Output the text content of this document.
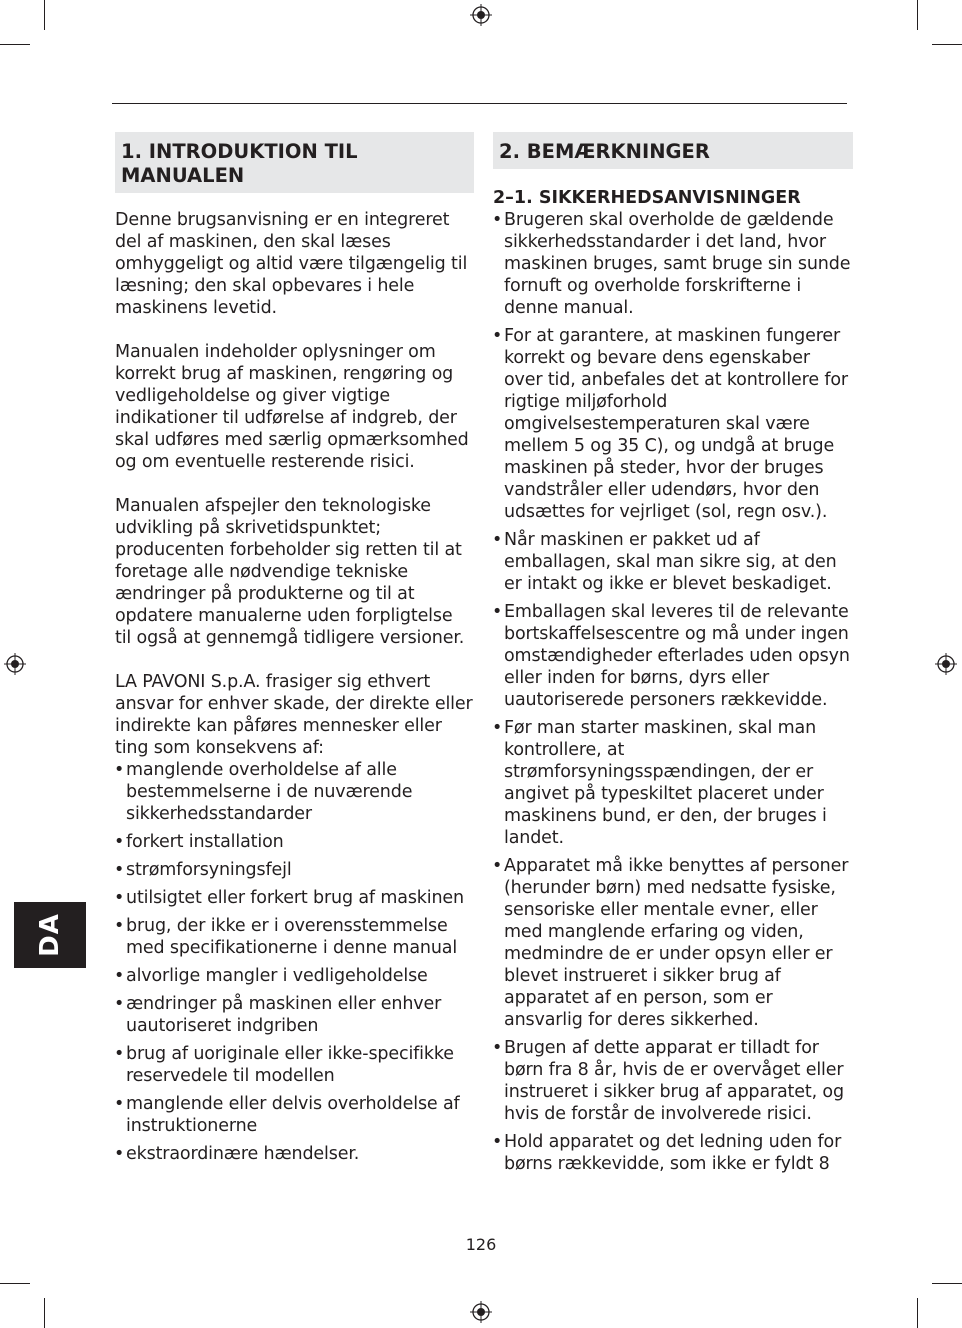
1. INTRODUKTION TIL MANUALEN

Denne brugsanvisning er en integreret del af maskinen, den skal læses omhyggeligt og altid være tilgængelig til læsning; den skal opbevares i hele maskinens levetid.

Manualen indeholder oplysninger om korrekt brug af maskinen, rengøring og vedligeholdelse og giver vigtige indikationer til udførelse af indgreb, der skal udføres med særlig opmærksomhed og om eventuelle resterende risici.

Manualen afspejler den teknologiske udvikling på skrivetidspunktet; producenten forbeholder sig retten til at foretage alle nødvendige tekniske ændringer på produkterne og til at opdatere manualerne uden forpligtelse til også at gennemgå tidligere versioner.

LA PAVONI S.p.A. frasiger sig ethvert ansvar for enhver skade, der direkte eller indirekte kan påføres mennesker eller ting som konsekvens af:

• manglende overholdelse af alle bestemmelserne i de nuværende sikkerhedsstandarder
• forkert installation
• strømforsyningsfejl
• utilsigtet eller forkert brug af maskinen
• brug, der ikke er i overensstemmelse med specifikationerne i denne manual
• alvorlige mangler i vedligeholdelse
• ændringer på maskinen eller enhver uautoriseret indgriben
• brug af uoriginale eller ikke-specifikke reservedele til modellen
• manglende eller delvis overholdelse af instruktionerne
• ekstraordinære hændelser.
2. BEMÆRKNINGER
2–1. SIKKERHEDSANVISNINGER
• Brugeren skal overholde de gældende sikkerhedsstandarder i det land, hvor maskinen bruges, samt bruge sin sunde fornuft og overholde forskrifterne i denne manual.
• For at garantere, at maskinen fungerer korrekt og bevare dens egenskaber over tid, anbefales det at kontrollere for rigtige miljøforhold omgivelsestemperaturen skal være mellem 5 og 35 C), og undgå at bruge maskinen på steder, hvor der bruges vandstråler eller udendørs, hvor den udsættes for vejrliget (sol, regn osv.).
• Når maskinen er pakket ud af emballagen, skal man sikre sig, at den er intakt og ikke er blevet beskadiget.
• Emballagen skal leveres til de relevante bortskaffelsescentre og må under ingen omstændigheder efterlades uden opsyn eller inden for børns, dyrs eller uautoriserede personers rækkevidde.
• Før man starter maskinen, skal man kontrollere, at strømforsyningsspændingen, der er angivet på typeskiltet placeret under maskinens bund, er den, der bruges i landet.
• Apparatet må ikke benyttes af personer (herunder børn) med nedsatte fysiske, sensoriske eller mentale evner, eller med manglende erfaring og viden, medmindre de er under opsyn eller er blevet instrueret i sikker brug af apparatet af en person, som er ansvarlig for deres sikkerhed.
• Brugen af dette apparat er tilladt for børn fra 8 år, hvis de er overvåget eller instrueret i sikker brug af apparatet, og hvis de forstår de involverede risici.
• Hold apparatet og det ledning uden for børns rækkevidde, som ikke er fyldt 8
DA
126
